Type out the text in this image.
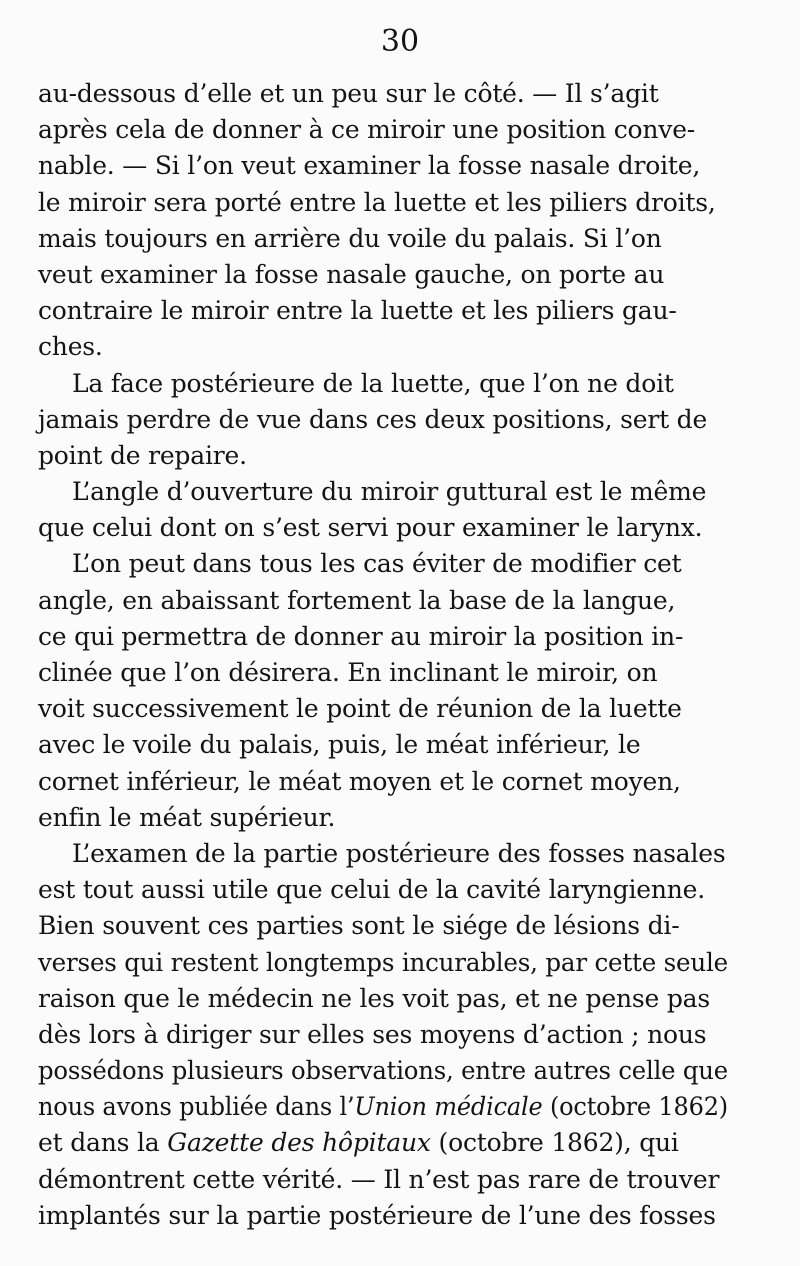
30
au-dessous d’elle et un peu sur le côté. — Il s’agit
après cela de donner à ce miroir une position conve-
nable. — Si l’on veut examiner la fosse nasale droite,
le miroir sera porté entre la luette et les piliers droits,
mais toujours en arrière du voile du palais. Si l’on
veut examiner la fosse nasale gauche, on porte au
contraire le miroir entre la luette et les piliers gau-
ches.
La face postérieure de la luette, que l’on ne doit
jamais perdre de vue dans ces deux positions, sert de
point de repaire.
L’angle d’ouverture du miroir guttural est le même
que celui dont on s’est servi pour examiner le larynx.
L’on peut dans tous les cas éviter de modifier cet
angle, en abaissant fortement la base de la langue,
ce qui permettra de donner au miroir la position in-
clinée que l’on désirera. En inclinant le miroir, on
voit successivement le point de réunion de la luette
avec le voile du palais, puis, le méat inférieur, le
cornet inférieur, le méat moyen et le cornet moyen,
enfin le méat supérieur.
L’examen de la partie postérieure des fosses nasales
est tout aussi utile que celui de la cavité laryngienne.
Bien souvent ces parties sont le siége de lésions di-
verses qui restent longtemps incurables, par cette seule
raison que le médecin ne les voit pas, et ne pense pas
dès lors à diriger sur elles ses moyens d’action ; nous
possédons plusieurs observations, entre autres celle que
nous avons publiée dans l’Union médicale (octobre 1862)
et dans la Gazette des hôpitaux (octobre 1862), qui
démontrent cette vérité. — Il n’est pas rare de trouver
implantés sur la partie postérieure de l’une des fosses
